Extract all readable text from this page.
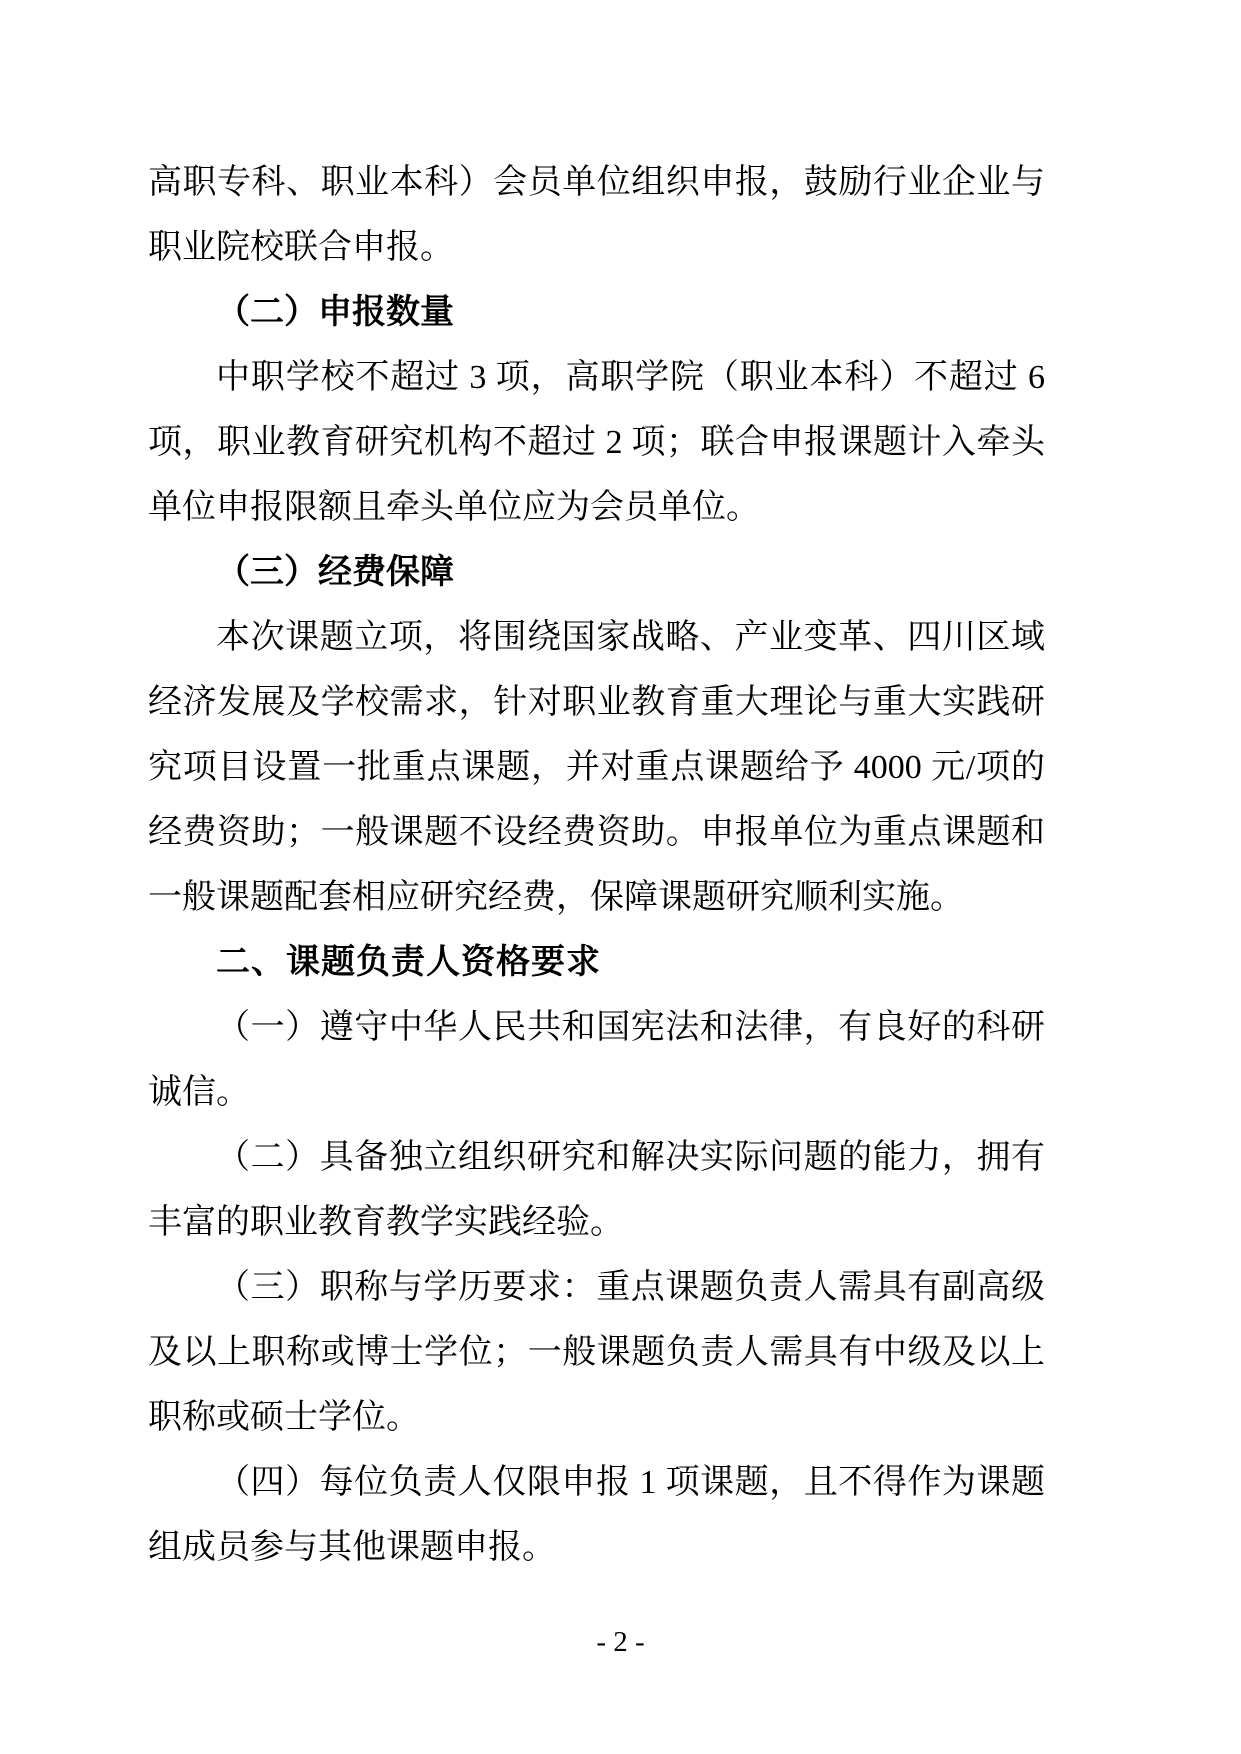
高职专科、职业本科）会员单位组织申报，鼓励行业企业与职业院校联合申报。

（二）申报数量

中职学校不超过 3 项，高职学院（职业本科）不超过 6 项，职业教育研究机构不超过 2 项；联合申报课题计入牵头单位申报限额且牵头单位应为会员单位。

（三）经费保障

本次课题立项，将围绕国家战略、产业变革、四川区域经济发展及学校需求，针对职业教育重大理论与重大实践研究项目设置一批重点课题，并对重点课题给予 4000 元/项的经费资助；一般课题不设经费资助。申报单位为重点课题和一般课题配套相应研究经费，保障课题研究顺利实施。

二、课题负责人资格要求

（一）遵守中华人民共和国宪法和法律，有良好的科研诚信。

（二）具备独立组织研究和解决实际问题的能力，拥有丰富的职业教育教学实践经验。

（三）职称与学历要求：重点课题负责人需具有副高级及以上职称或博士学位；一般课题负责人需具有中级及以上职称或硕士学位。

（四）每位负责人仅限申报 1 项课题，且不得作为课题组成员参与其他课题申报。

- 2 -
